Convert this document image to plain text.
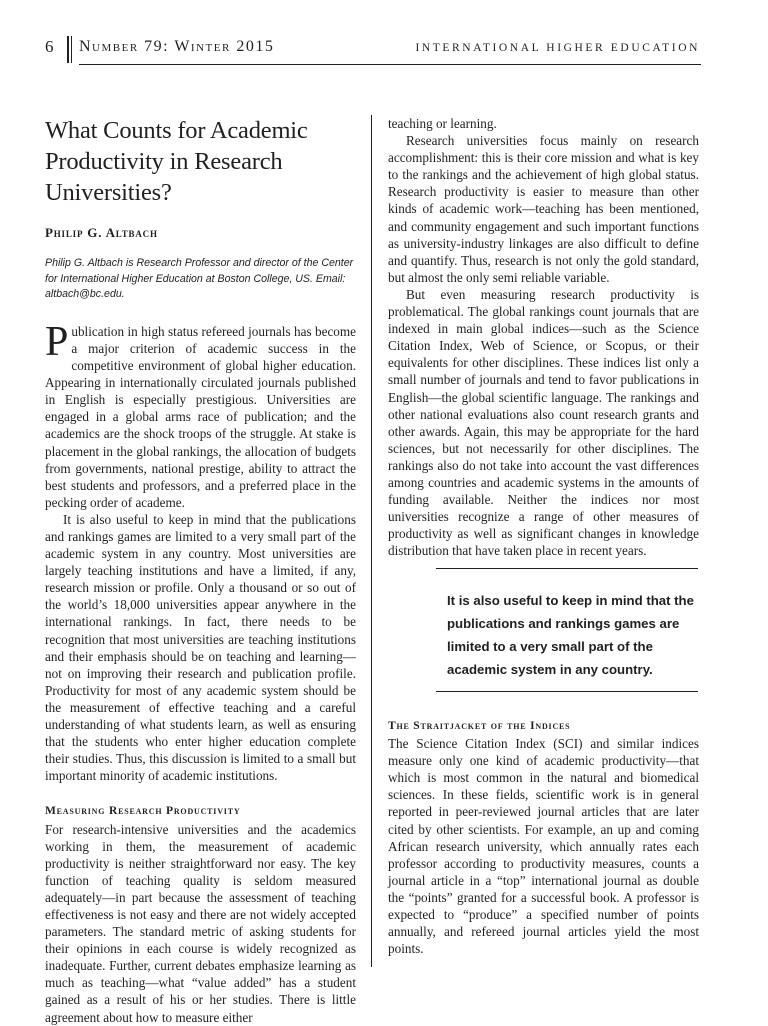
6 Number 79: Winter 2015	INTERNATIONAL HIGHER EDUCATION
What Counts for Academic Productivity in Research Universities?
Philip G. Altbach
Philip G. Altbach is Research Professor and director of the Center for International Higher Education at Boston College, US. Email: altbach@bc.edu.

Publication in high status refereed journals has become a major criterion of academic success in the competitive environment of global higher education. Appearing in internationally circulated journals published in English is especially prestigious. Universities are engaged in a global arms race of publication; and the academics are the shock troops of the struggle. At stake is placement in the global rankings, the allocation of budgets from governments, national prestige, ability to attract the best students and professors, and a preferred place in the pecking order of academe.

It is also useful to keep in mind that the publications and rankings games are limited to a very small part of the academic system in any country. Most universities are largely teaching institutions and have a limited, if any, research mission or profile. Only a thousand or so out of the world’s 18,000 universities appear anywhere in the international rankings. In fact, there needs to be recognition that most universities are teaching institutions and their emphasis should be on teaching and learning—not on improving their research and publication profile. Productivity for most of any academic system should be the measurement of effective teaching and a careful understanding of what students learn, as well as ensuring that the students who enter higher education complete their studies. Thus, this discussion is limited to a small but important minority of academic institutions.

Measuring Research Productivity

For research-intensive universities and the academics working in them, the measurement of academic productivity is neither straightforward nor easy. The key function of teaching quality is seldom measured adequately—in part because the assessment of teaching effectiveness is not easy and there are not widely accepted parameters. The standard metric of asking students for their opinions in each course is widely recognized as inadequate. Further, current debates emphasize learning as much as teaching—what “value added” has a student gained as a result of his or her studies. There is little agreement about how to measure either

teaching or learning.

Research universities focus mainly on research accomplishment: this is their core mission and what is key to the rankings and the achievement of high global status. Research productivity is easier to measure than other kinds of academic work—teaching has been mentioned, and community engagement and such important functions as university-industry linkages are also difficult to define and quantify. Thus, research is not only the gold standard, but almost the only semi reliable variable.

But even measuring research productivity is problematical. The global rankings count journals that are indexed in main global indices—such as the Science Citation Index, Web of Science, or Scopus, or their equivalents for other disciplines. These indices list only a small number of journals and tend to favor publications in English—the global scientific language. The rankings and other national evaluations also count research grants and other awards. Again, this may be appropriate for the hard sciences, but not necessarily for other disciplines. The rankings also do not take into account the vast differences among countries and academic systems in the amounts of funding available. Neither the indices nor most universities recognize a range of other measures of productivity as well as significant changes in knowledge distribution that have taken place in recent years.

It is also useful to keep in mind that the publications and rankings games are limited to a very small part of the academic system in any country.
The Straitjacket of the Indices

The Science Citation Index (SCI) and similar indices measure only one kind of academic productivity—that which is most common in the natural and biomedical sciences. In these fields, scientific work is in general reported in peer-reviewed journal articles that are later cited by other scientists. For example, an up and coming African research university, which annually rates each professor according to productivity measures, counts a journal article in a “top” international journal as double the “points” granted for a successful book. A professor is expected to “produce” a specified number of points annually, and refereed journal articles yield the most points.
